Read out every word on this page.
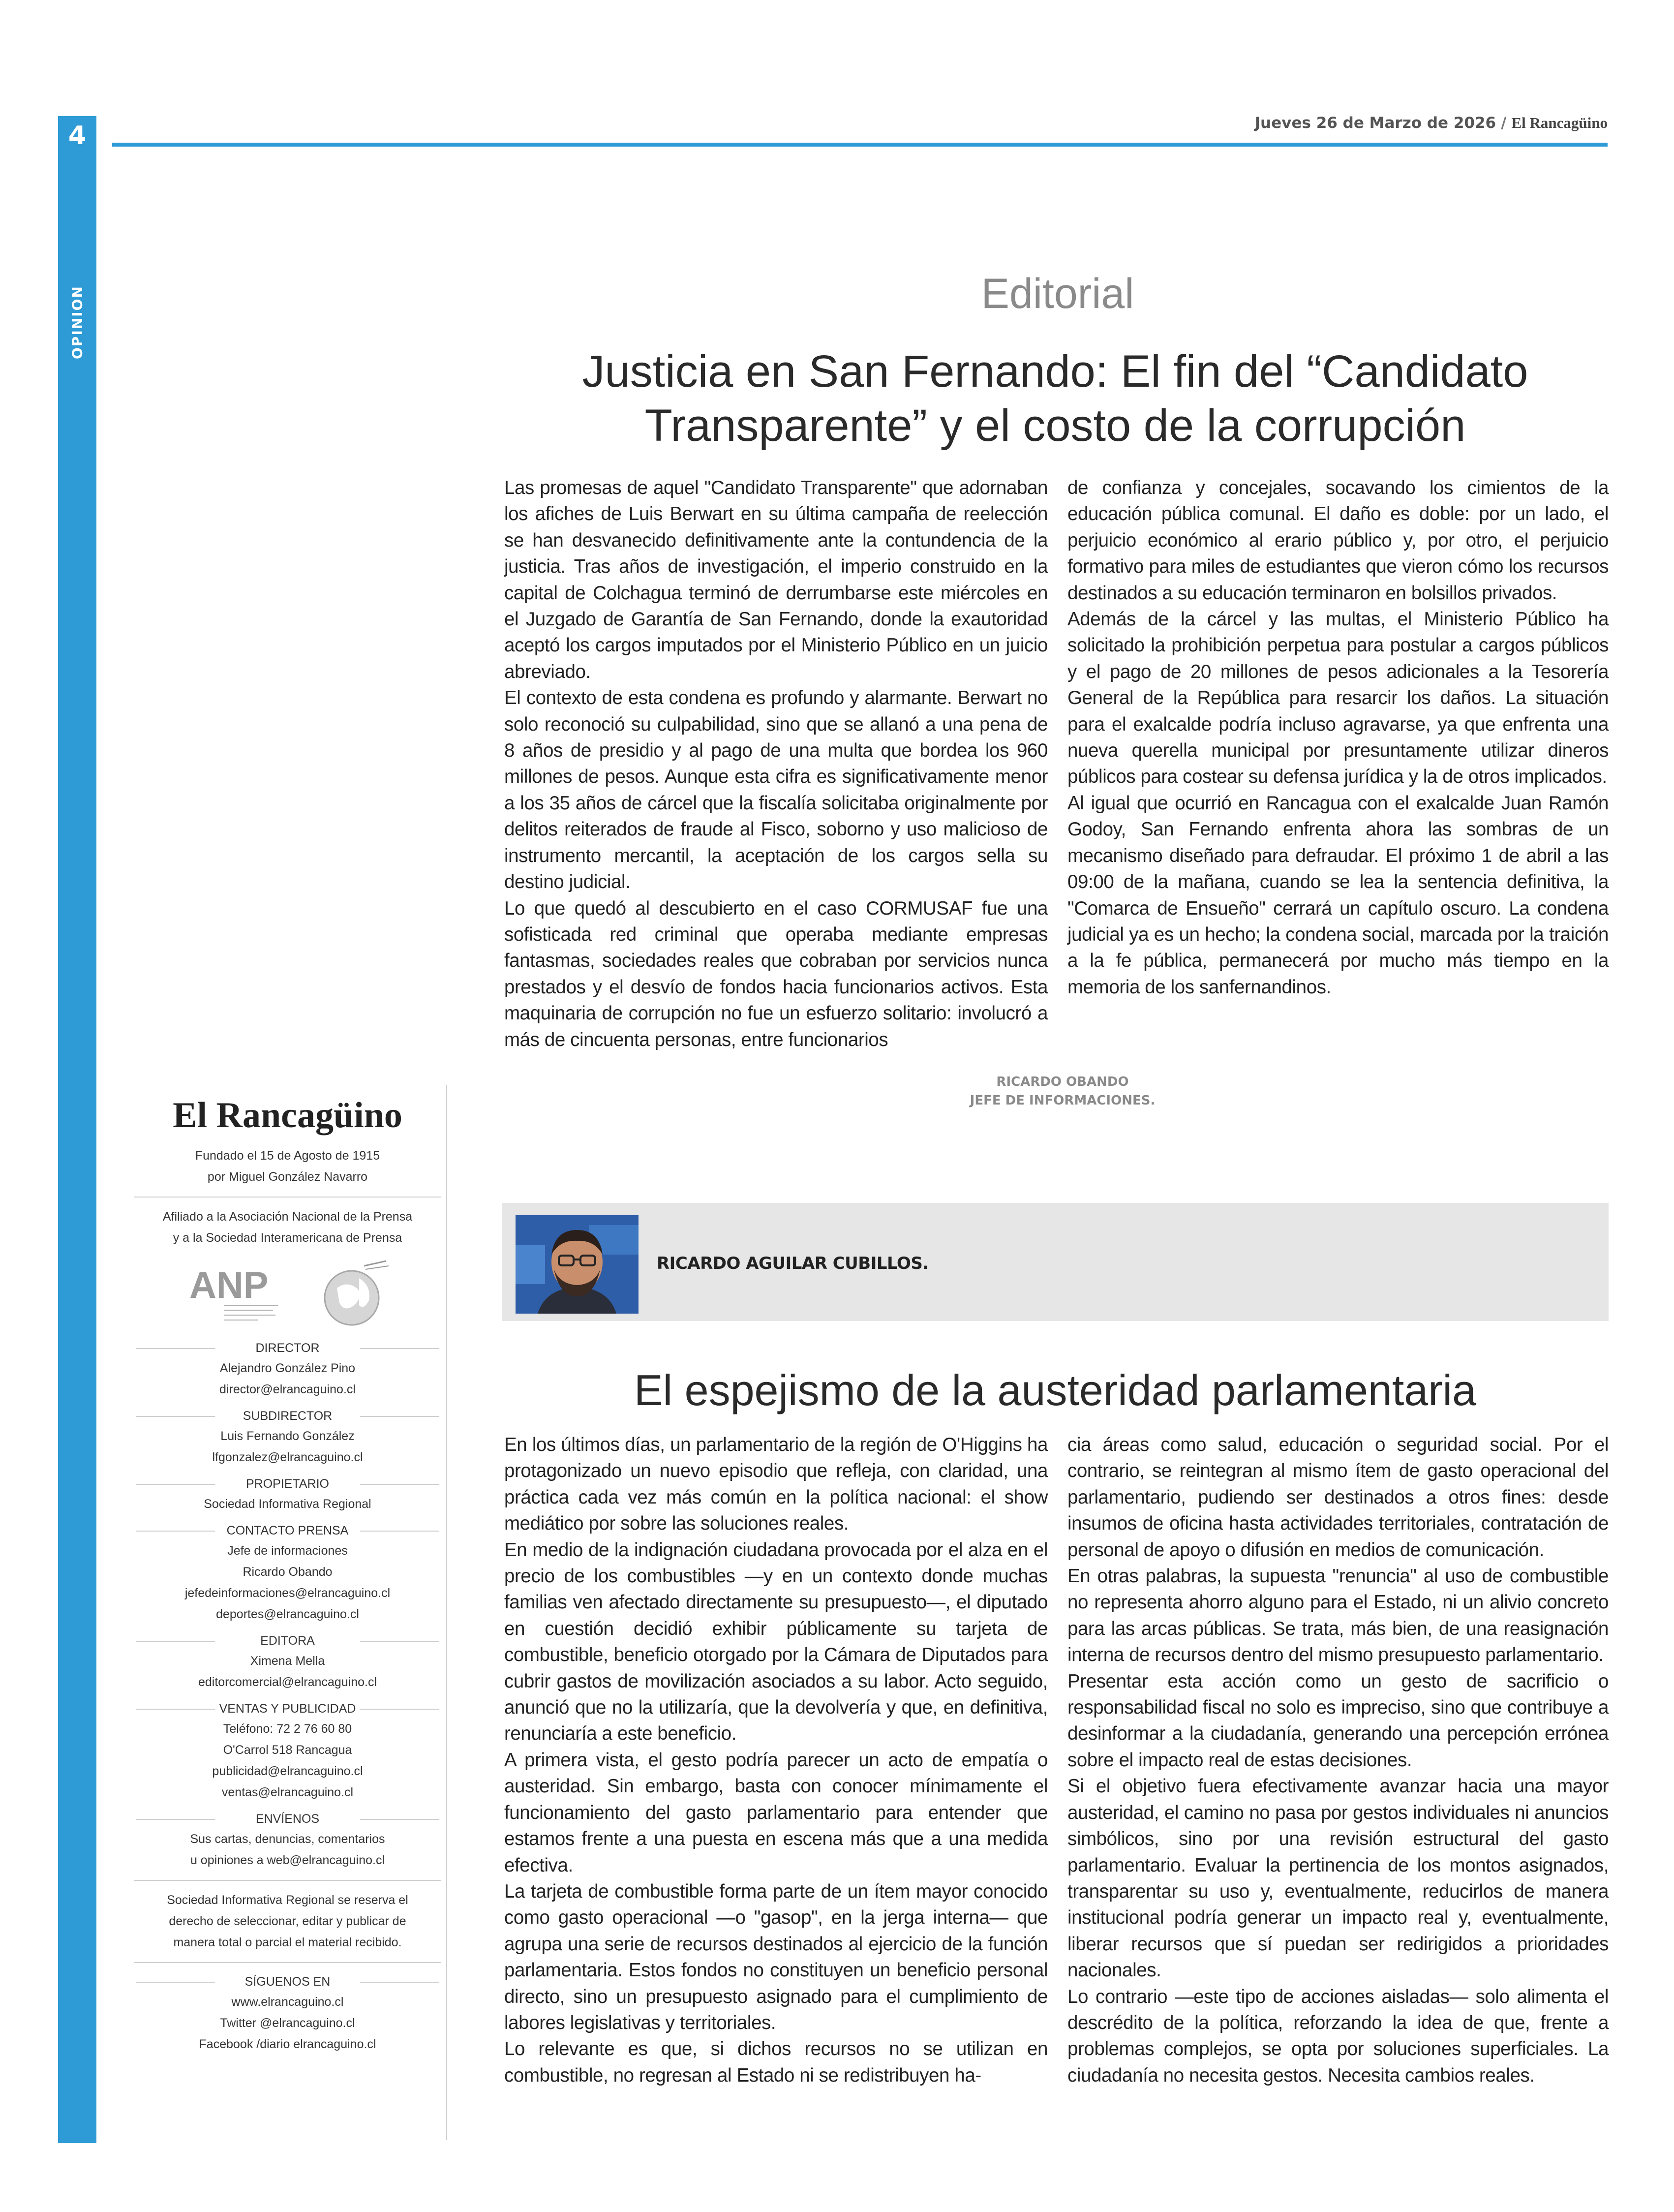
4
OPINION
Jueves 26 de Marzo de 2026 / El Rancagüino
Editorial
Justicia en San Fernando: El fin del “Candidato Transparente” y el costo de la corrupción

Las promesas de aquel "Candidato Transparente" que adornaban los afiches de Luis Berwart en su última campaña de reelección se han desvanecido definitivamente ante la contundencia de la justicia. Tras años de investigación, el imperio construido en la capital de Colchagua terminó de derrumbarse este miércoles en el Juzgado de Garantía de San Fernando, donde la exautoridad aceptó los cargos imputados por el Ministerio Público en un juicio abreviado.

El contexto de esta condena es profundo y alarmante. Berwart no solo reconoció su culpabilidad, sino que se allanó a una pena de 8 años de presidio y al pago de una multa que bordea los 960 millones de pesos. Aunque esta cifra es significativamente menor a los 35 años de cárcel que la fiscalía solicitaba originalmente por delitos reiterados de fraude al Fisco, soborno y uso malicioso de instrumento mercantil, la aceptación de los cargos sella su destino judicial.

Lo que quedó al descubierto en el caso CORMUSAF fue una sofisticada red criminal que operaba mediante empresas fantasmas, sociedades reales que cobraban por servicios nunca prestados y el desvío de fondos hacia funcionarios activos. Esta maquinaria de corrupción no fue un esfuerzo solitario: involucró a más de cincuenta personas, entre funcionarios

de confianza y concejales, socavando los cimientos de la educación pública comunal. El daño es doble: por un lado, el perjuicio económico al erario público y, por otro, el perjuicio formativo para miles de estudiantes que vieron cómo los recursos destinados a su educación terminaron en bolsillos privados.

Además de la cárcel y las multas, el Ministerio Público ha solicitado la prohibición perpetua para postular a cargos públicos y el pago de 20 millones de pesos adicionales a la Tesorería General de la República para resarcir los daños. La situación para el exalcalde podría incluso agravarse, ya que enfrenta una nueva querella municipal por presuntamente utilizar dineros públicos para costear su defensa jurídica y la de otros implicados.

Al igual que ocurrió en Rancagua con el exalcalde Juan Ramón Godoy, San Fernando enfrenta ahora las sombras de un mecanismo diseñado para defraudar. El próximo 1 de abril a las 09:00 de la mañana, cuando se lea la sentencia definitiva, la "Comarca de Ensueño" cerrará un capítulo oscuro. La condena judicial ya es un hecho; la condena social, marcada por la traición a la fe pública, permanecerá por mucho más tiempo en la memoria de los sanfernandinos.

RICARDO OBANDO
JEFE DE INFORMACIONES.
El Rancagüino
Fundado el 15 de Agosto de 1915
por Miguel González Navarro
Afiliado a la Asociación Nacional de la Prensa
y a la Sociedad Interamericana de Prensa
ANP
DIRECTOR
Alejandro González Pino
director@elrancaguino.cl
SUBDIRECTOR
Luis Fernando González
lfgonzalez@elrancaguino.cl
PROPIETARIO
Sociedad Informativa Regional
CONTACTO PRENSA
Jefe de informaciones
Ricardo Obando
jefedeinformaciones@elrancaguino.cl
deportes@elrancaguino.cl
EDITORA
Ximena Mella
editorcomercial@elrancaguino.cl
VENTAS Y PUBLICIDAD
Teléfono: 72 2 76 60 80
O'Carrol 518 Rancagua
publicidad@elrancaguino.cl
ventas@elrancaguino.cl
ENVÍENOS
Sus cartas, denuncias, comentarios
u opiniones a web@elrancaguino.cl
Sociedad Informativa Regional se reserva el
derecho de seleccionar, editar y publicar de
manera total o parcial el material recibido.
SÍGUENOS EN
www.elrancaguino.cl
Twitter @elrancaguino.cl
Facebook /diario elrancaguino.cl
RICARDO AGUILAR CUBILLOS.
El espejismo de la austeridad parlamentaria

En los últimos días, un parlamentario de la región de O'Higgins ha protagonizado un nuevo episodio que refleja, con claridad, una práctica cada vez más común en la política nacional: el show mediático por sobre las soluciones reales.

En medio de la indignación ciudadana provocada por el alza en el precio de los combustibles —y en un contexto donde muchas familias ven afectado directamente su presupuesto—, el diputado en cuestión decidió exhibir públicamente su tarjeta de combustible, beneficio otorgado por la Cámara de Diputados para cubrir gastos de movilización asociados a su labor. Acto seguido, anunció que no la utilizaría, que la devolvería y que, en definitiva, renunciaría a este beneficio.

A primera vista, el gesto podría parecer un acto de empatía o austeridad. Sin embargo, basta con conocer mínimamente el funcionamiento del gasto parlamentario para entender que estamos frente a una puesta en escena más que a una medida efectiva.

La tarjeta de combustible forma parte de un ítem mayor conocido como gasto operacional —o "gasop", en la jerga interna— que agrupa una serie de recursos destinados al ejercicio de la función parlamentaria. Estos fondos no constituyen un beneficio personal directo, sino un presupuesto asignado para el cumplimiento de labores legislativas y territoriales.

Lo relevante es que, si dichos recursos no se utilizan en combustible, no regresan al Estado ni se redistribuyen ha-

cia áreas como salud, educación o seguridad social. Por el contrario, se reintegran al mismo ítem de gasto operacional del parlamentario, pudiendo ser destinados a otros fines: desde insumos de oficina hasta actividades territoriales, contratación de personal de apoyo o difusión en medios de comunicación.

En otras palabras, la supuesta "renuncia" al uso de combustible no representa ahorro alguno para el Estado, ni un alivio concreto para las arcas públicas. Se trata, más bien, de una reasignación interna de recursos dentro del mismo presupuesto parlamentario.

Presentar esta acción como un gesto de sacrificio o responsabilidad fiscal no solo es impreciso, sino que contribuye a desinformar a la ciudadanía, generando una percepción errónea sobre el impacto real de estas decisiones.

Si el objetivo fuera efectivamente avanzar hacia una mayor austeridad, el camino no pasa por gestos individuales ni anuncios simbólicos, sino por una revisión estructural del gasto parlamentario. Evaluar la pertinencia de los montos asignados, transparentar su uso y, eventualmente, reducirlos de manera institucional podría generar un impacto real y, eventualmente, liberar recursos que sí puedan ser redirigidos a prioridades nacionales.

Lo contrario —este tipo de acciones aisladas— solo alimenta el descrédito de la política, reforzando la idea de que, frente a problemas complejos, se opta por soluciones superficiales. La ciudadanía no necesita gestos. Necesita cambios reales.
